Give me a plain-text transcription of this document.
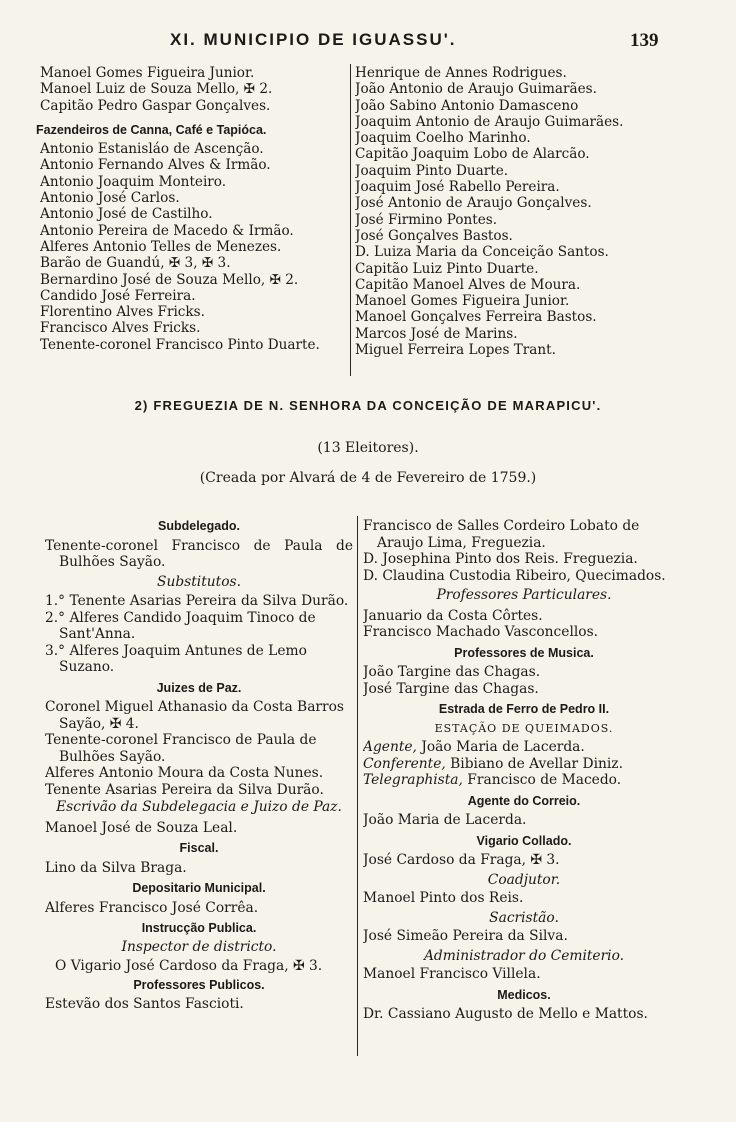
XI. MUNICIPIO DE IGUASSU'.	139
Manoel Gomes Figueira Junior.
Manoel Luiz de Souza Mello, ✠ 2.
Capitão Pedro Gaspar Gonçalves.
Fazendeiros de Canna, Café e Tapióca.
Antonio Estanisláo de Ascenção.
Antonio Fernando Alves & Irmão.
Antonio Joaquim Monteiro.
Antonio José Carlos.
Antonio José de Castilho.
Antonio Pereira de Macedo & Irmão.
Alferes Antonio Telles de Menezes.
Barão de Guandú, ✠ 3, ✠ 3.
Bernardino José de Souza Mello, ✠ 2.
Candido José Ferreira.
Florentino Alves Fricks.
Francisco Alves Fricks.
Tenente-coronel Francisco Pinto Duarte.
Henrique de Annes Rodrigues.
João Antonio de Araujo Guimarães.
João Sabino Antonio Damasceno
Joaquim Antonio de Araujo Guimarães.
Joaquim Coelho Marinho.
Capitão Joaquim Lobo de Alarcão.
Joaquim Pinto Duarte.
Joaquim José Rabello Pereira.
José Antonio de Araujo Gonçalves.
José Firmino Pontes.
José Gonçalves Bastos.
D. Luiza Maria da Conceição Santos.
Capitão Luiz Pinto Duarte.
Capitão Manoel Alves de Moura.
Manoel Gomes Figueira Junior.
Manoel Gonçalves Ferreira Bastos.
Marcos José de Marins.
Miguel Ferreira Lopes Trant.
2) FREGUEZIA DE N. SENHORA DA CONCEIÇÃO DE MARAPICU'.
(13 Eleitores).
(Creada por Alvará de 4 de Fevereiro de 1759.)
Subdelegado.
Tenente-coronel Francisco de Paula de
Bulhões Sayão.
Substitutos.
1.° Tenente Asarias Pereira da Silva Durão.
2.° Alferes Candido Joaquim Tinoco de
Sant'Anna.
3.° Alferes Joaquim Antunes de Lemo
Suzano.
Juizes de Paz.
Coronel Miguel Athanasio da Costa Barros
Sayão, ✠ 4.
Tenente-coronel Francisco de Paula de
Bulhões Sayão.
Alferes Antonio Moura da Costa Nunes.
Tenente Asarias Pereira da Silva Durão.
Escrivão da Subdelegacia e Juizo de Paz.
Manoel José de Souza Leal.
Fiscal.
Lino da Silva Braga.
Depositario Municipal.
Alferes Francisco José Corrêa.
Instrucção Publica.
Inspector de districto.
O Vigario José Cardoso da Fraga, ✠ 3.
Professores Publicos.
Estevão dos Santos Fascioti.
Francisco de Salles Cordeiro Lobato de
Araujo Lima, Freguezia.
D. Josephina Pinto dos Reis. Freguezia.
D. Claudina Custodia Ribeiro, Quecimados.
Professores Particulares.
Januario da Costa Côrtes.
Francisco Machado Vasconcellos.
Professores de Musica.
João Targine das Chagas.
José Targine das Chagas.
Estrada de Ferro de Pedro II.
ESTAÇÃO DE QUEIMADOS.
Agente, João Maria de Lacerda.
Conferente, Bibiano de Avellar Diniz.
Telegraphista, Francisco de Macedo.
Agente do Correio.
João Maria de Lacerda.
Vigario Collado.
José Cardoso da Fraga, ✠ 3.
Coadjutor.
Manoel Pinto dos Reis.
Sacristão.
José Simeão Pereira da Silva.
Administrador do Cemiterio.
Manoel Francisco Villela.
Medicos.
Dr. Cassiano Augusto de Mello e Mattos.
